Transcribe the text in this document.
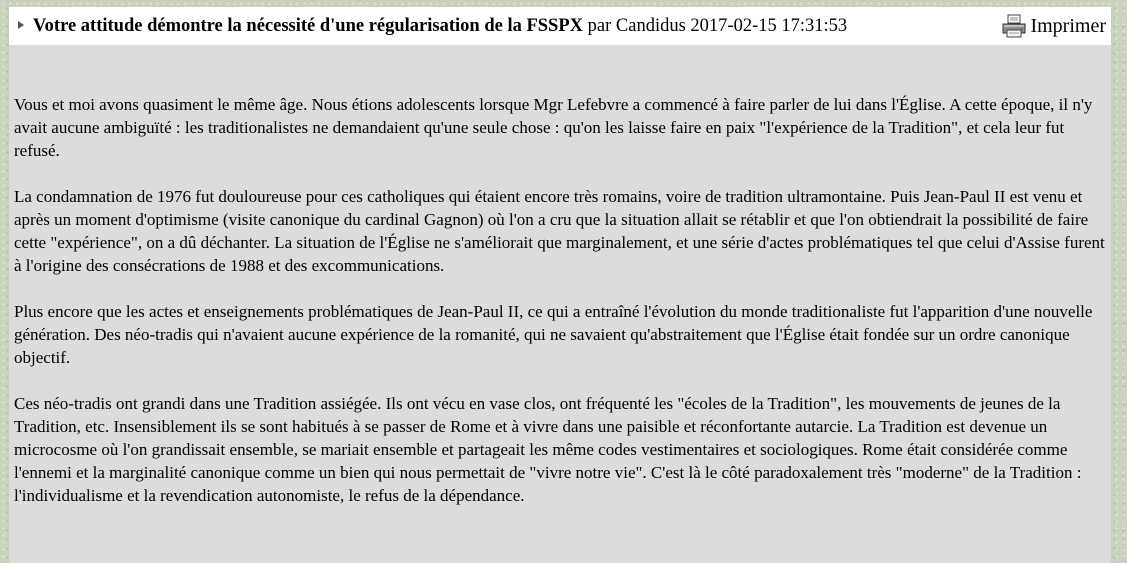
Votre attitude démontre la nécessité d'une régularisation de la FSSPX par Candidus 2017-02-15 17:31:53	Imprimer

Vous et moi avons quasiment le même âge. Nous étions adolescents lorsque Mgr Lefebvre a commencé à faire parler de lui dans l'Église. A cette époque, il n'y avait aucune ambiguïté : les traditionalistes ne demandaient qu'une seule chose : qu'on les laisse faire en paix "l'expérience de la Tradition", et cela leur fut refusé.

La condamnation de 1976 fut douloureuse pour ces catholiques qui étaient encore très romains, voire de tradition ultramontaine. Puis Jean-Paul II est venu et après un moment d'optimisme (visite canonique du cardinal Gagnon) où l'on a cru que la situation allait se rétablir et que l'on obtiendrait la possibilité de faire cette "expérience", on a dû déchanter. La situation de l'Église ne s'améliorait que marginalement, et une série d'actes problématiques tel que celui d'Assise furent à l'origine des consécrations de 1988 et des excommunications.

Plus encore que les actes et enseignements problématiques de Jean-Paul II, ce qui a entraîné l'évolution du monde traditionaliste fut l'apparition d'une nouvelle génération. Des néo-tradis qui n'avaient aucune expérience de la romanité, qui ne savaient qu'abstraitement que l'Église était fondée sur un ordre canonique objectif.

Ces néo-tradis ont grandi dans une Tradition assiégée. Ils ont vécu en vase clos, ont fréquenté les "écoles de la Tradition", les mouvements de jeunes de la Tradition, etc. Insensiblement ils se sont habitués à se passer de Rome et à vivre dans une paisible et réconfortante autarcie. La Tradition est devenue un microcosme où l'on grandissait ensemble, se mariait ensemble et partageait les même codes vestimentaires et sociologiques. Rome était considérée comme l'ennemi et la marginalité canonique comme un bien qui nous permettait de "vivre notre vie". C'est là le côté paradoxalement très "moderne" de la Tradition : l'individualisme et la revendication autonomiste, le refus de la dépendance.
